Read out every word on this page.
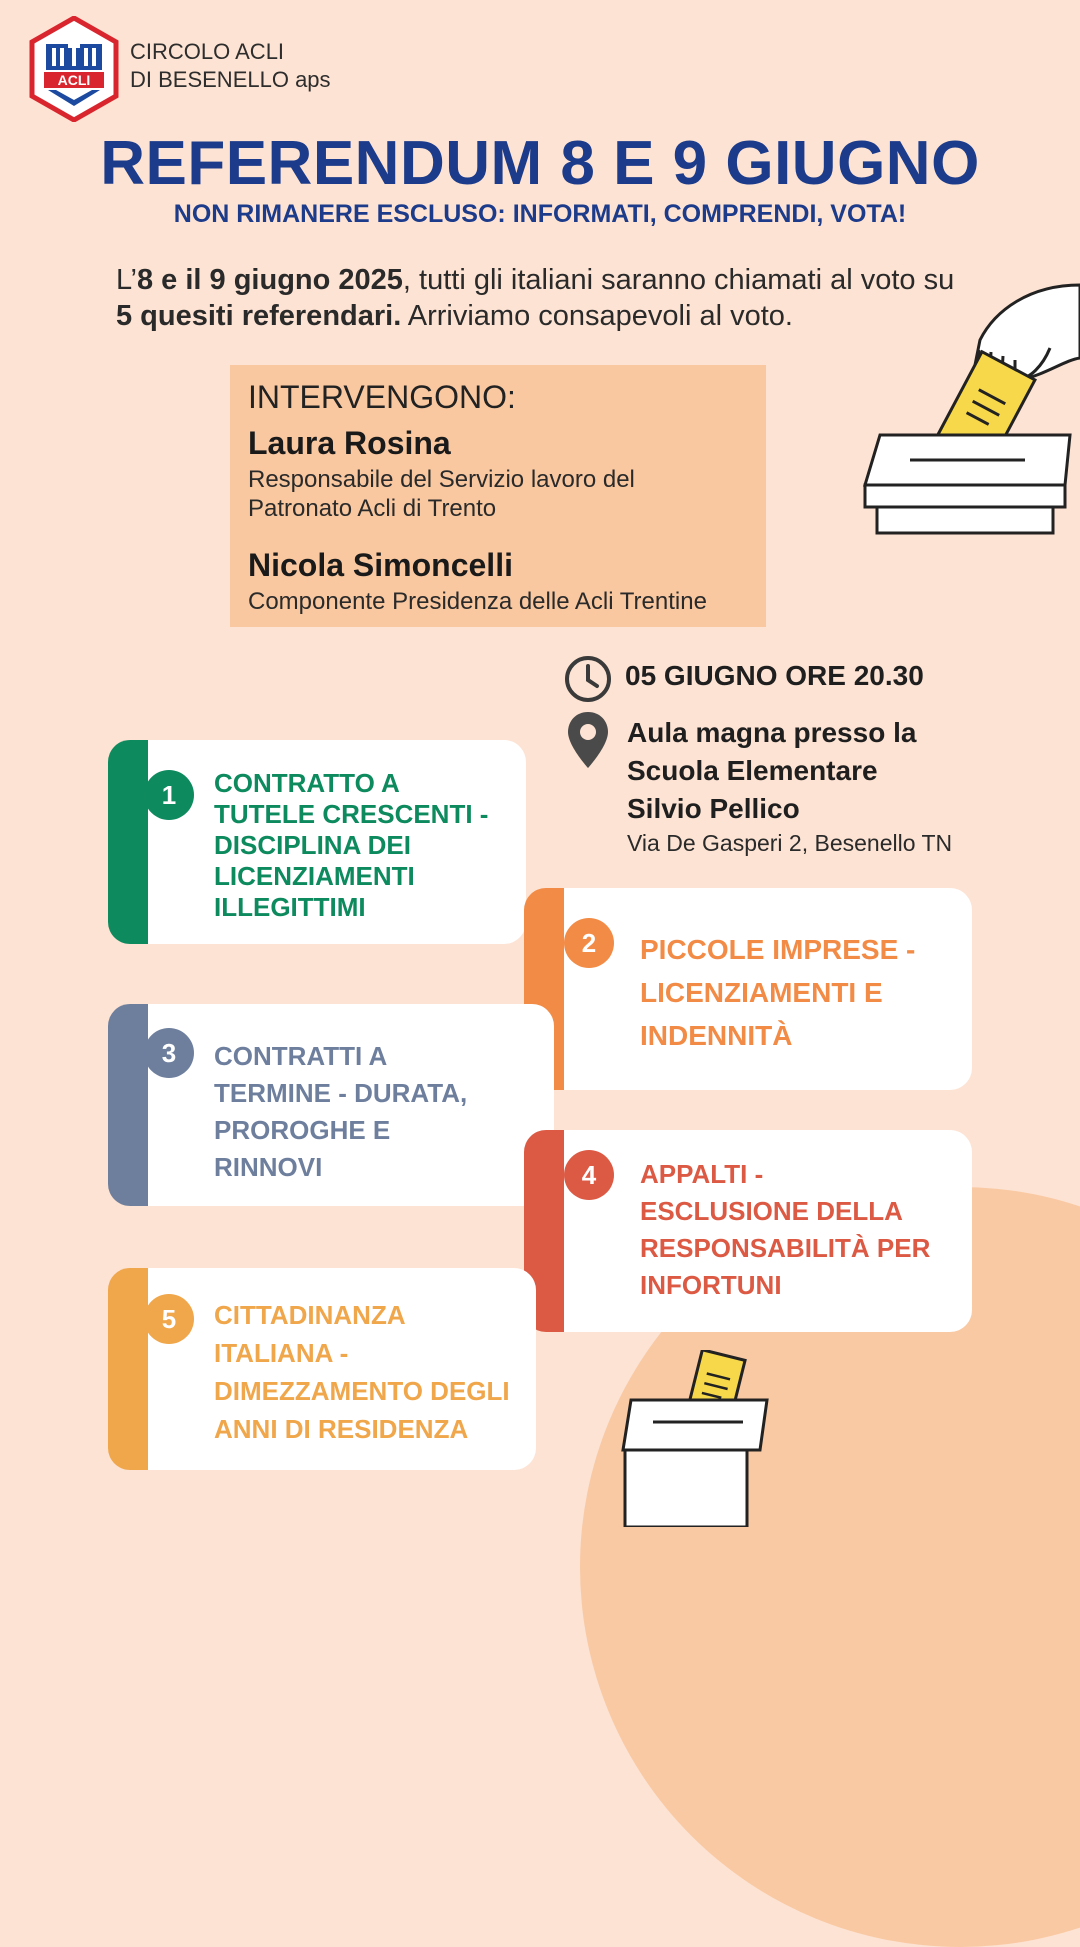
ACLI
CIRCOLO ACLI
DI BESENELLO aps
REFERENDUM 8 E 9 GIUGNO
NON RIMANERE ESCLUSO: INFORMATI, COMPRENDI, VOTA!
L’8 e il 9 giugno 2025, tutti gli italiani saranno chiamati al voto su 5 quesiti referendari. Arriviamo consapevoli al voto.
INTERVENGONO:
Laura Rosina
Responsabile del Servizio lavoro del
Patronato Acli di Trento
Nicola Simoncelli
Componente Presidenza delle Acli Trentine
05 GIUGNO ORE 20.30
Aula magna presso la
Scuola Elementare
Silvio Pellico
Via De Gasperi 2, Besenello TN
1	CONTRATTO A
TUTELE CRESCENTI -
DISCIPLINA DEI
LICENZIAMENTI
ILLEGITTIMI
2	PICCOLE IMPRESE -
LICENZIAMENTI E
INDENNITÀ
3	CONTRATTI A
TERMINE - DURATA,
PROROGHE E
RINNOVI	4	APPALTI -
ESCLUSIONE DELLA
RESPONSABILITÀ PER
INFORTUNI
5	CITTADINANZA
ITALIANA -
DIMEZZAMENTO DEGLI
ANNI DI RESIDENZA
